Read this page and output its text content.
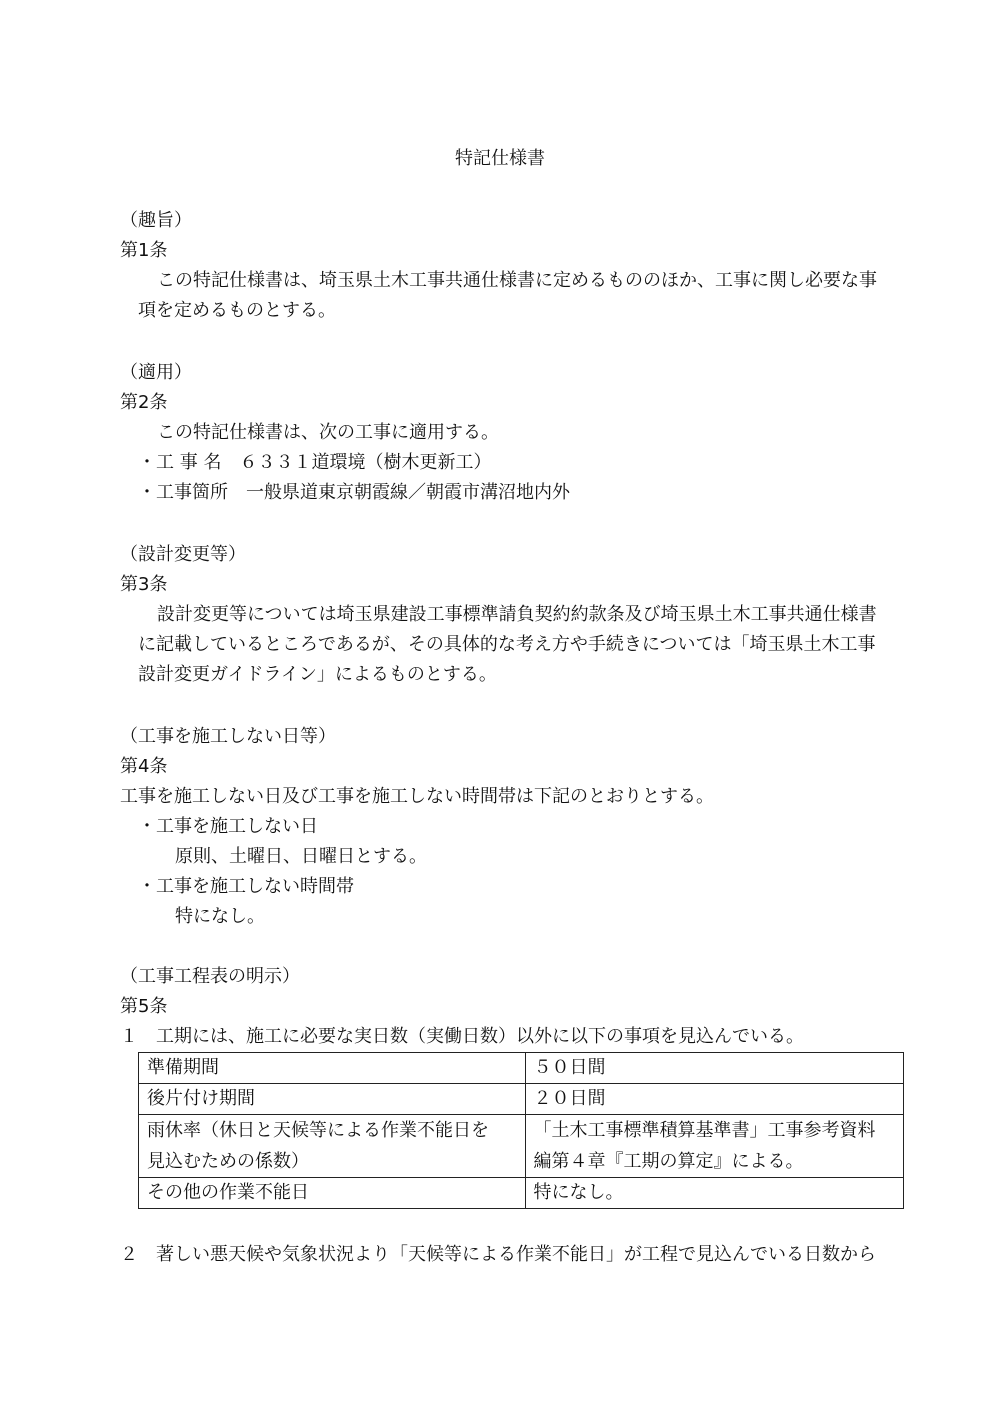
特記仕様書
（趣旨）
第1条
この特記仕様書は、埼玉県土木工事共通仕様書に定めるもののほか、工事に関し必要な事
項を定めるものとする。
（適用）
第2条
この特記仕様書は、次の工事に適用する。
・工 事 名　６３３１道環境（樹木更新工）
・工事箇所　一般県道東京朝霞線／朝霞市溝沼地内外
（設計変更等）
第3条
設計変更等については埼玉県建設工事標準請負契約約款条及び埼玉県土木工事共通仕様書
に記載しているところであるが、その具体的な考え方や手続きについては「埼玉県土木工事
設計変更ガイドライン」によるものとする。
（工事を施工しない日等）
第4条
工事を施工しない日及び工事を施工しない時間帯は下記のとおりとする。
・工事を施工しない日
原則、土曜日、日曜日とする。
・工事を施工しない時間帯
特になし。
（工事工程表の明示）
第5条
１　工期には、施工に必要な実日数（実働日数）以外に以下の事項を見込んでいる。
準備期間	５０日間
後片付け期間	２０日間
雨休率（休日と天候等による作業不能日を
見込むための係数）	「土木工事標準積算基準書」工事参考資料
編第４章『工期の算定』による。
その他の作業不能日	特になし。
２　著しい悪天候や気象状況より「天候等による作業不能日」が工程で見込んでいる日数から
